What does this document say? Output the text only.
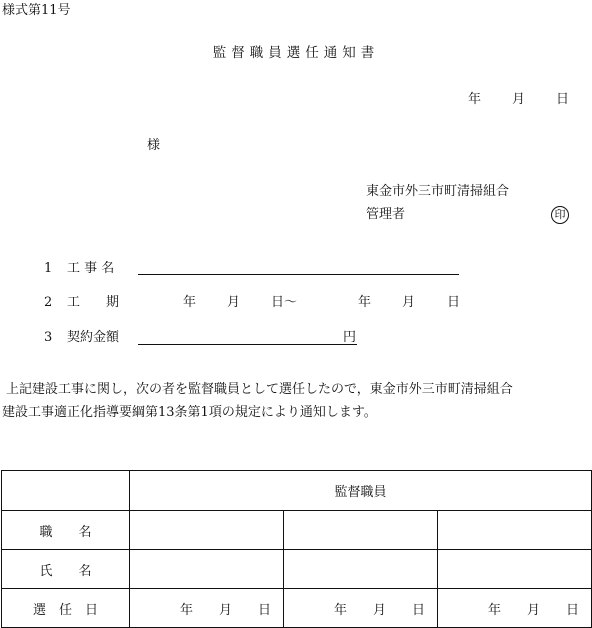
様式第11号
監督職員選任通知書
年 月 日
様
東金市外三市町清掃組合
管理者	印
1 工 事 名
2 工　　期	年 月 日～	年 月 日
3 契約金額	円
上記建設工事に関し，次の者を監督職員として選任したので，東金市外三市町清掃組合
建設工事適正化指導要綱第13条第1項の規定により通知します。
	監督職員		
職　　名			
氏　　名			
選　任　日	年　　月　　日	年　　月　　日	年　　月　　日
